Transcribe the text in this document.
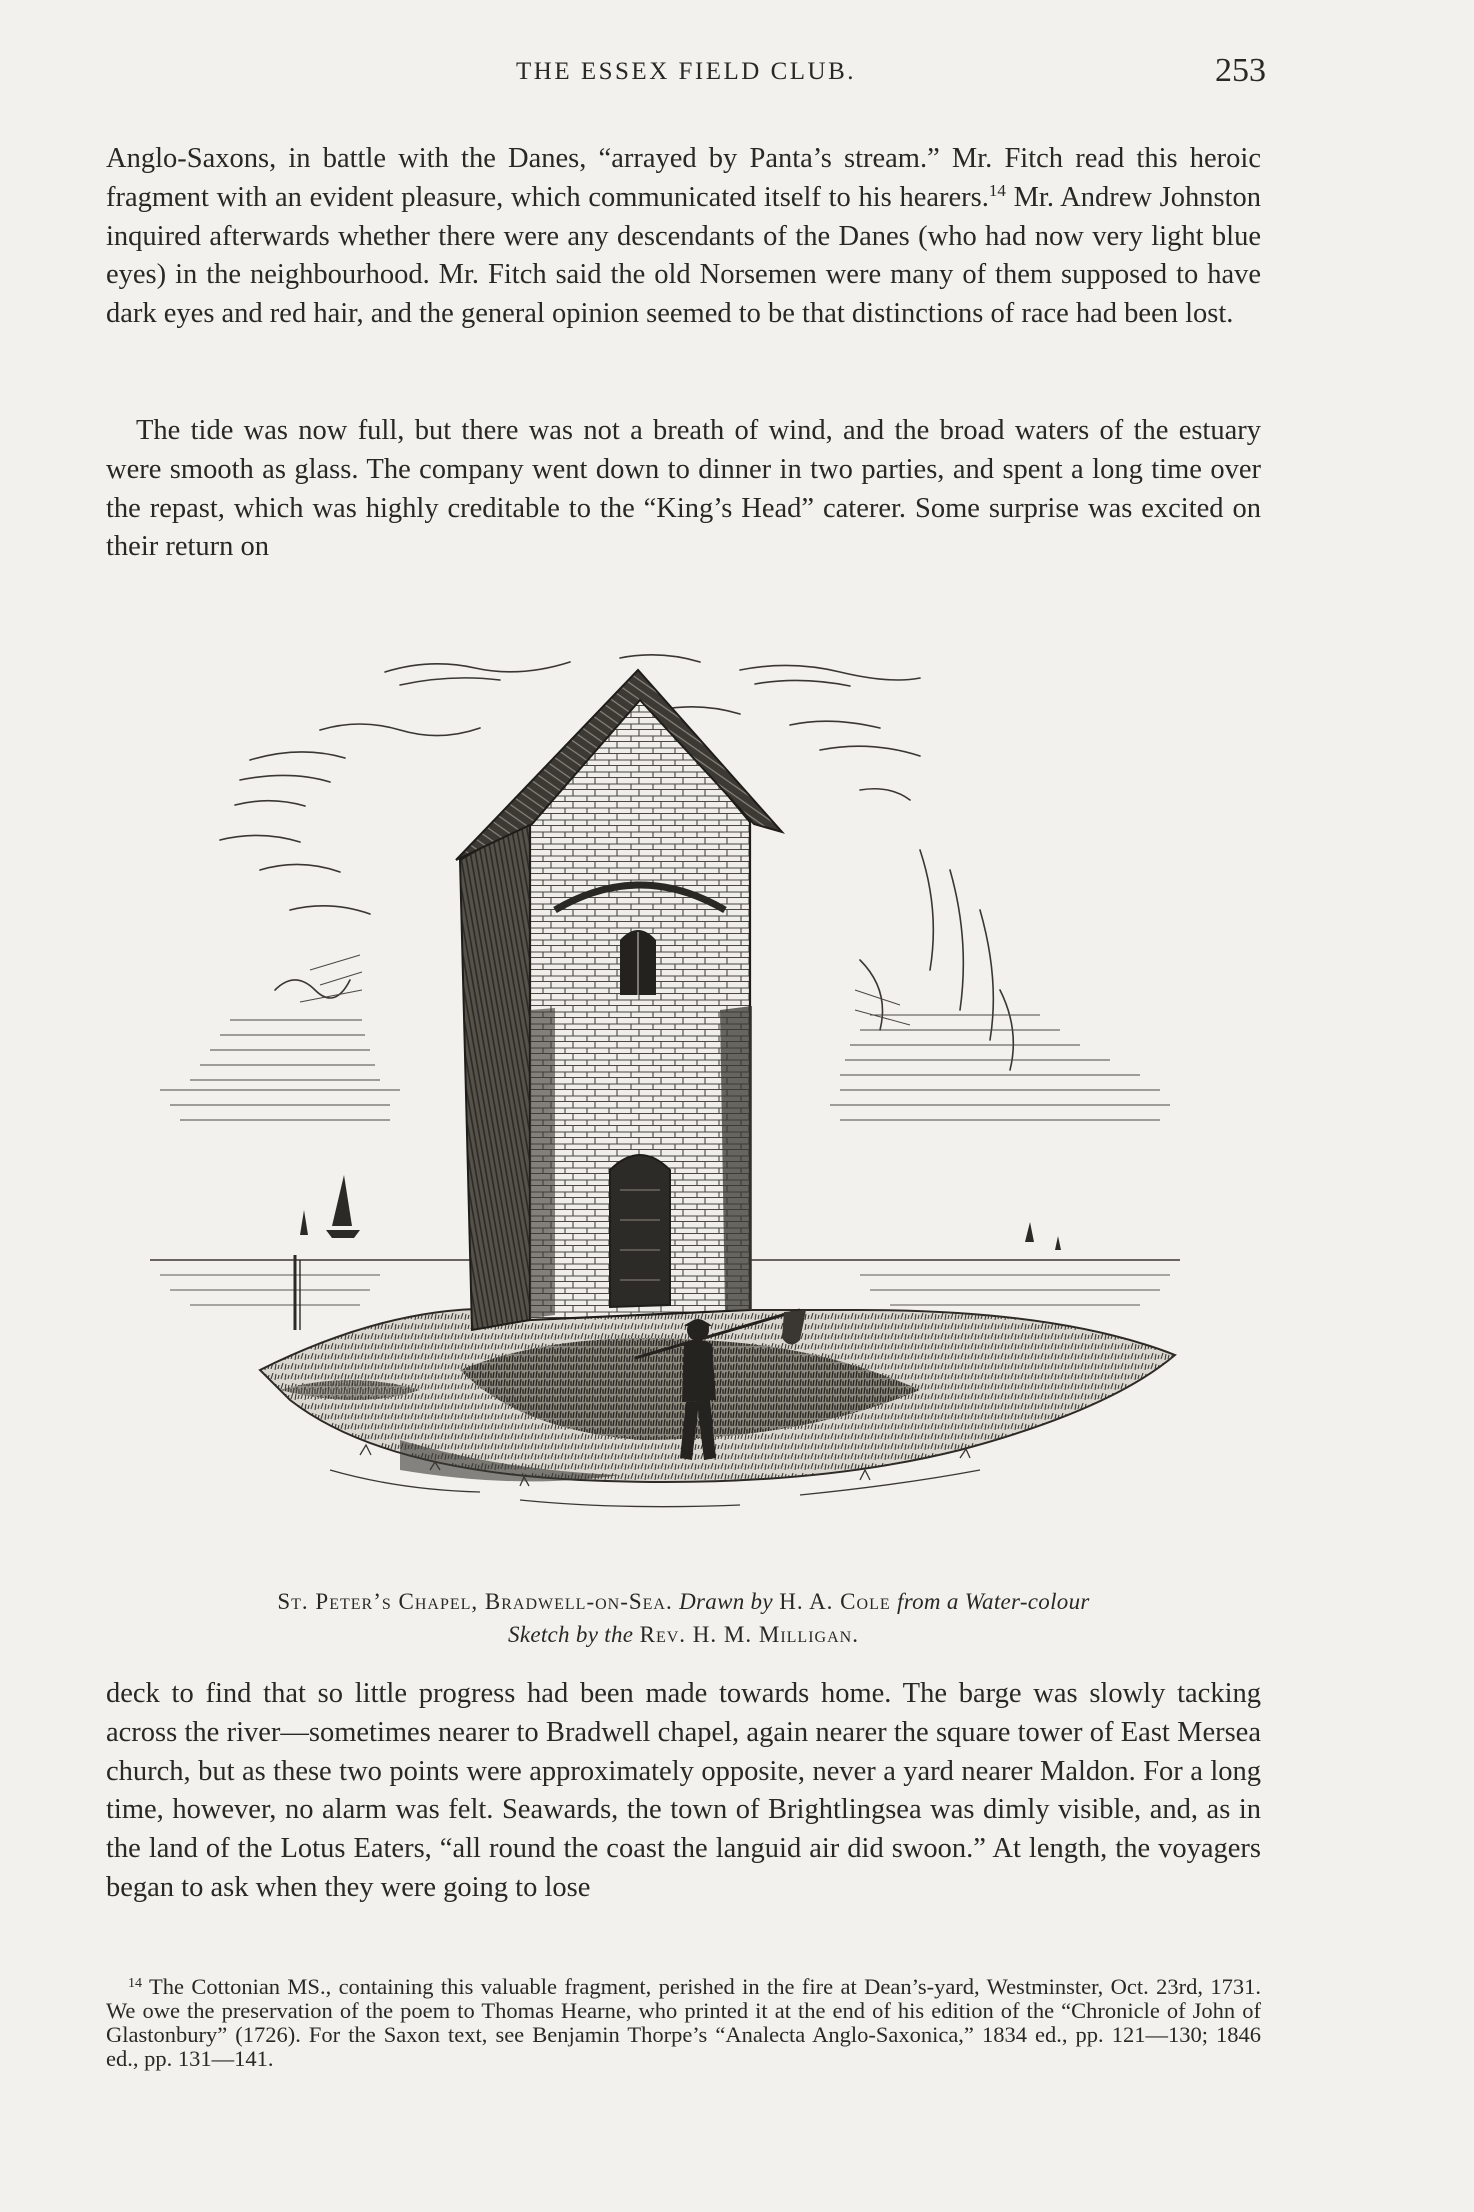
THE ESSEX FIELD CLUB.	253

Anglo-Saxons, in battle with the Danes, “arrayed by Panta’s stream.” Mr. Fitch read this heroic fragment with an evident pleasure, which communicated itself to his hearers.$^{14}$ Mr. Andrew Johnston inquired afterwards whether there were any descendants of the Danes (who had now very light blue eyes) in the neighbourhood. Mr. Fitch said the old Norsemen were many of them supposed to have dark eyes and red hair, and the general opinion seemed to be that distinctions of race had been lost.

The tide was now full, but there was not a breath of wind, and the broad waters of the estuary were smooth as glass. The company went down to dinner in two parties, and spent a long time over the repast, which was highly creditable to the “King’s Head” caterer. Some surprise was excited on their return on

St. Peter’s Chapel, Bradwell-on-Sea. Drawn by H. A. Cole from a Water-colour
Sketch by the Rev. H. M. Milligan.

deck to find that so little progress had been made towards home. The barge was slowly tacking across the river—sometimes nearer to Bradwell chapel, again nearer the square tower of East Mersea church, but as these two points were approximately opposite, never a yard nearer Maldon. For a long time, however, no alarm was felt. Seawards, the town of Brightlingsea was dimly visible, and, as in the land of the Lotus Eaters, “all round the coast the languid air did swoon.” At length, the voyagers began to ask when they were going to lose

$^{14}$ The Cottonian MS., containing this valuable fragment, perished in the fire at Dean’s-yard, Westminster, Oct. 23rd, 1731. We owe the preservation of the poem to Thomas Hearne, who printed it at the end of his edition of the “Chronicle of John of Glastonbury” (1726). For the Saxon text, see Benjamin Thorpe’s “Analecta Anglo-Saxonica,” 1834 ed., pp. 121—130; 1846 ed., pp. 131—141.
